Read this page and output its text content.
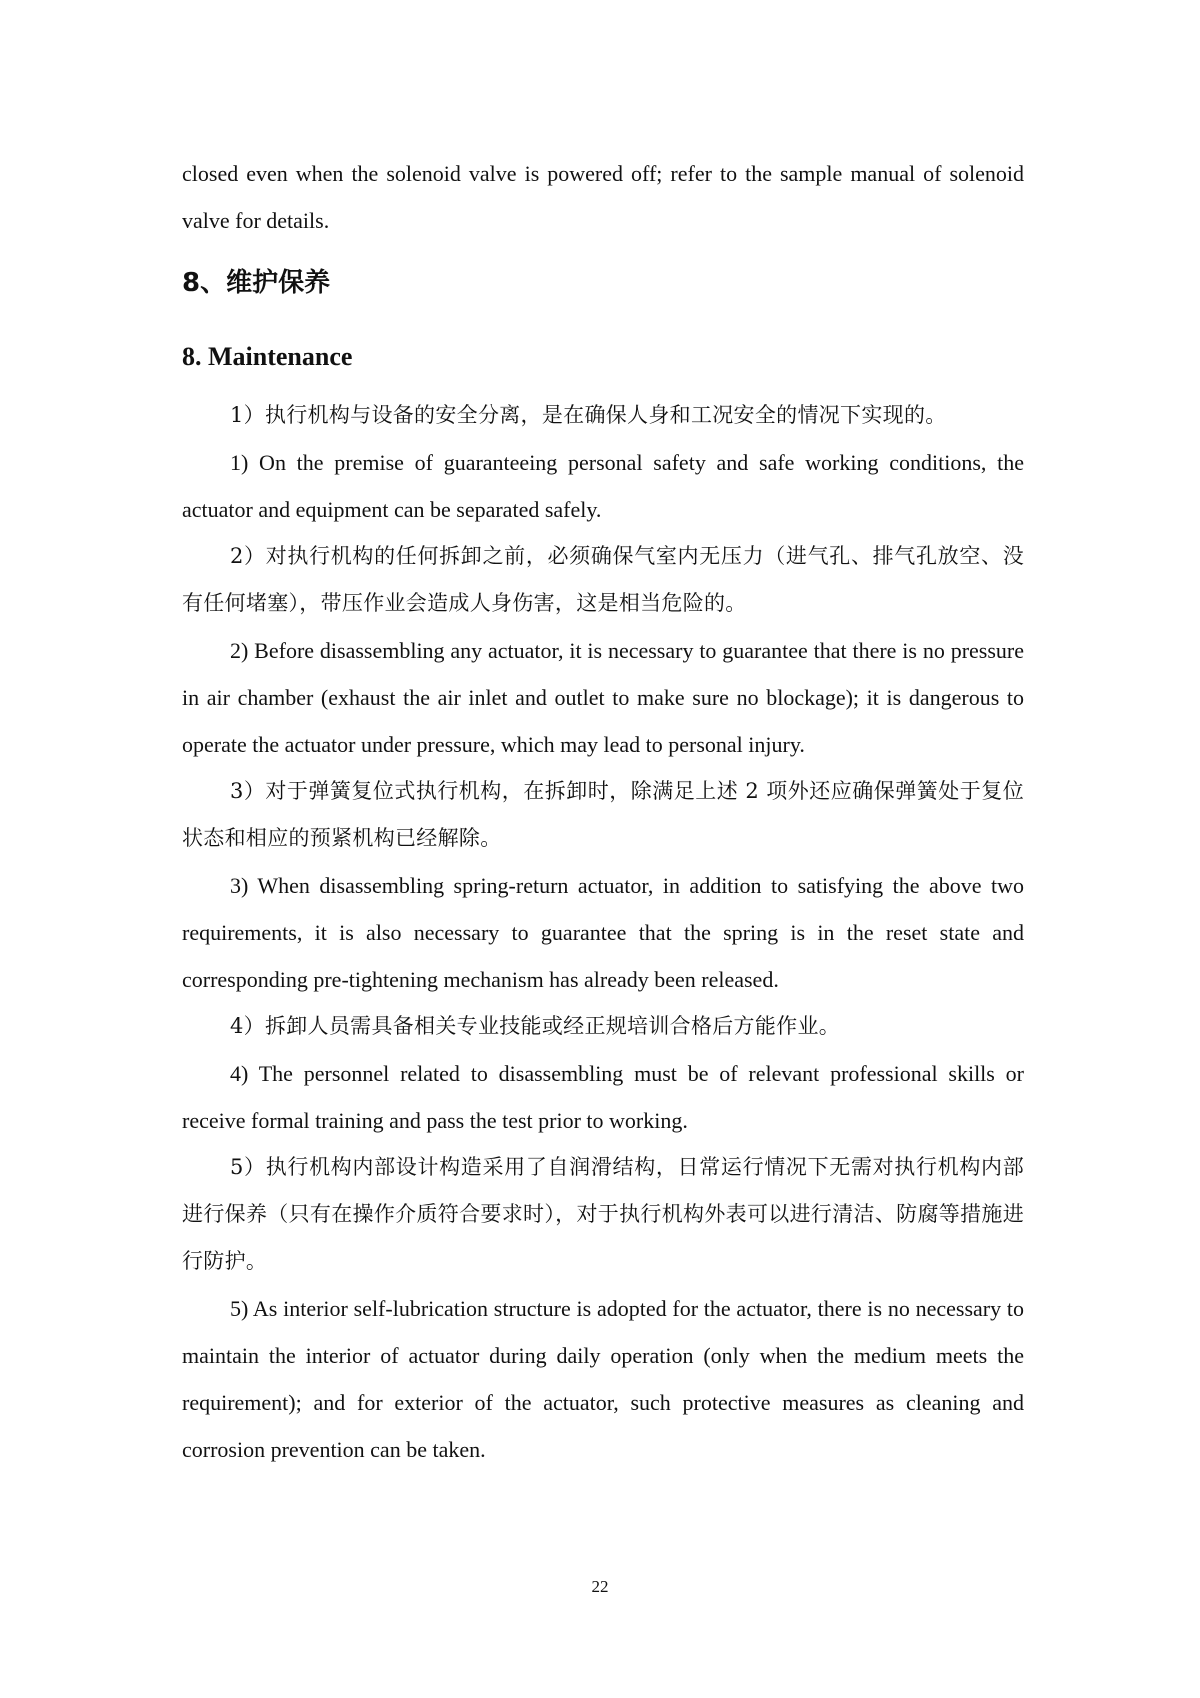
closed even when the solenoid valve is powered off; refer to the sample manual of solenoid valve for details.

8、维护保养
8. Maintenance

1）执行机构与设备的安全分离，是在确保人身和工况安全的情况下实现的。

1) On the premise of guaranteeing personal safety and safe working conditions, the actuator and equipment can be separated safely.

2）对执行机构的任何拆卸之前，必须确保气室内无压力（进气孔、排气孔放空、没有任何堵塞），带压作业会造成人身伤害，这是相当危险的。

2) Before disassembling any actuator, it is necessary to guarantee that there is no pressure in air chamber (exhaust the air inlet and outlet to make sure no blockage); it is dangerous to operate the actuator under pressure, which may lead to personal injury.

3）对于弹簧复位式执行机构，在拆卸时，除满足上述 2 项外还应确保弹簧处于复位状态和相应的预紧机构已经解除。

3) When disassembling spring-return actuator, in addition to satisfying the above two requirements, it is also necessary to guarantee that the spring is in the reset state and corresponding pre-tightening mechanism has already been released.

4）拆卸人员需具备相关专业技能或经正规培训合格后方能作业。

4) The personnel related to disassembling must be of relevant professional skills or receive formal training and pass the test prior to working.

5）执行机构内部设计构造采用了自润滑结构，日常运行情况下无需对执行机构内部进行保养（只有在操作介质符合要求时），对于执行机构外表可以进行清洁、防腐等措施进行防护。

5) As interior self-lubrication structure is adopted for the actuator, there is no necessary to maintain the interior of actuator during daily operation (only when the medium meets the requirement); and for exterior of the actuator, such protective measures as cleaning and corrosion prevention can be taken.

22
